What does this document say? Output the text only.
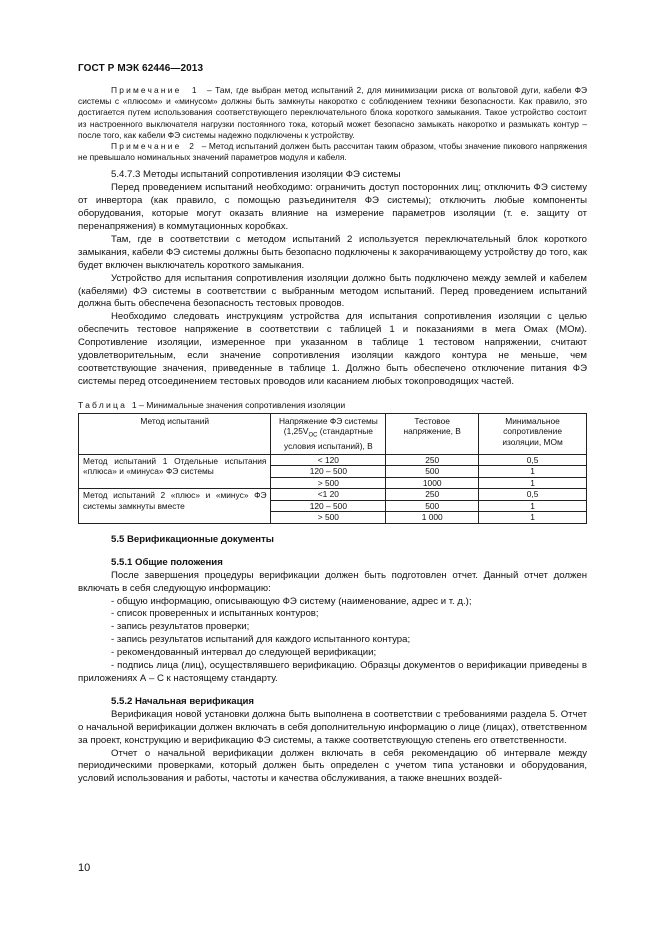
ГОСТ Р МЭК 62446—2013

Примечание 1 – Там, где выбран метод испытаний 2, для минимизации риска от вольтовой дуги, кабели ФЭ системы с «плюсом» и «минусом» должны быть замкнуты накоротко с соблюдением техники безопасности. Как правило, это достигается путем использования соответствующего переключательного блока короткого замыкания. Такое устройство состоит из настроенного выключателя нагрузки постоянного тока, который может безопасно замыкать накоротко и размыкать контур – после того, как кабели ФЭ системы надежно подключены к устройству.

Примечание 2 – Метод испытаний должен быть рассчитан таким образом, чтобы значение пикового напряжения не превышало номинальных значений параметров модуля и кабеля.

5.4.7.3 Методы испытаний сопротивления изоляции ФЭ системы

Перед проведением испытаний необходимо: ограничить доступ посторонних лиц; отключить ФЭ систему от инвертора (как правило, с помощью разъединителя ФЭ системы); отключить любые компоненты оборудования, которые могут оказать влияние на измерение параметров изоляции (т. е. защиту от перенапряжения) в коммутационных коробках.

Там, где в соответствии с методом испытаний 2 используется переключательный блок короткого замыкания, кабели ФЭ системы должны быть безопасно подключены к закорачивающему устройству до того, как будет включен выключатель короткого замыкания.

Устройство для испытания сопротивления изоляции должно быть подключено между землей и кабелем (кабелями) ФЭ системы в соответствии с выбранным методом испытаний. Перед проведением испытаний должна быть обеспечена безопасность тестовых проводов.

Необходимо следовать инструкциям устройства для испытания сопротивления изоляции с целью обеспечить тестовое напряжение в соответствии с таблицей 1 и показаниями в мега Омах (МОм). Сопротивление изоляции, измеренное при указанном в таблице 1 тестовом напряжении, считают удовлетворительным, если значение сопротивления изоляции каждого контура не меньше, чем соответствующие значения, приведенные в таблице 1. Должно быть обеспечено отключение питания ФЭ системы перед отсоединением тестовых проводов или касанием любых токопроводящих частей.

Таблица 1 – Минимальные значения сопротивления изоляции

Метод испытаний	Напряжение ФЭ системы
($1,25V_{OC}$ (стандартные условия испытаний), В	Тестовое напряжение, В	Минимальное сопротивление изоляции, МОм
Метод испытаний 1 Отдельные испытания «плюса» и «минуса» ФЭ системы	< 120	250	0,5
	120 – 500	500	1
	> 500	1000	1
Метод испытаний 2 «плюс» и «минус» ФЭ системы замкнуты вместе	<1 20	250	0,5
	120 – 500	500	1
	> 500	1 000	1

5.5 Верификационные документы

5.5.1 Общие положения

После завершения процедуры верификации должен быть подготовлен отчет. Данный отчет должен включать в себя следующую информацию:

- общую информацию, описывающую ФЭ систему (наименование, адрес и т. д.);

- список проверенных и испытанных контуров;

- запись результатов проверки;

- запись результатов испытаний для каждого испытанного контура;

- рекомендованный интервал до следующей верификации;

- подпись лица (лиц), осуществлявшего верификацию. Образцы документов о верификации приведены в приложениях А – С к настоящему стандарту.

5.5.2 Начальная верификация

Верификация новой установки должна быть выполнена в соответствии с требованиями раздела 5. Отчет о начальной верификации должен включать в себя дополнительную информацию о лице (лицах), ответственном за проект, конструкцию и верификацию ФЭ системы, а также соответствующую степень его ответственности.

Отчет о начальной верификации должен включать в себя рекомендацию об интервале между периодическими проверками, который должен быть определен с учетом типа установки и оборудования, условий использования и работы, частоты и качества обслуживания, а также внешних воздей-

10
